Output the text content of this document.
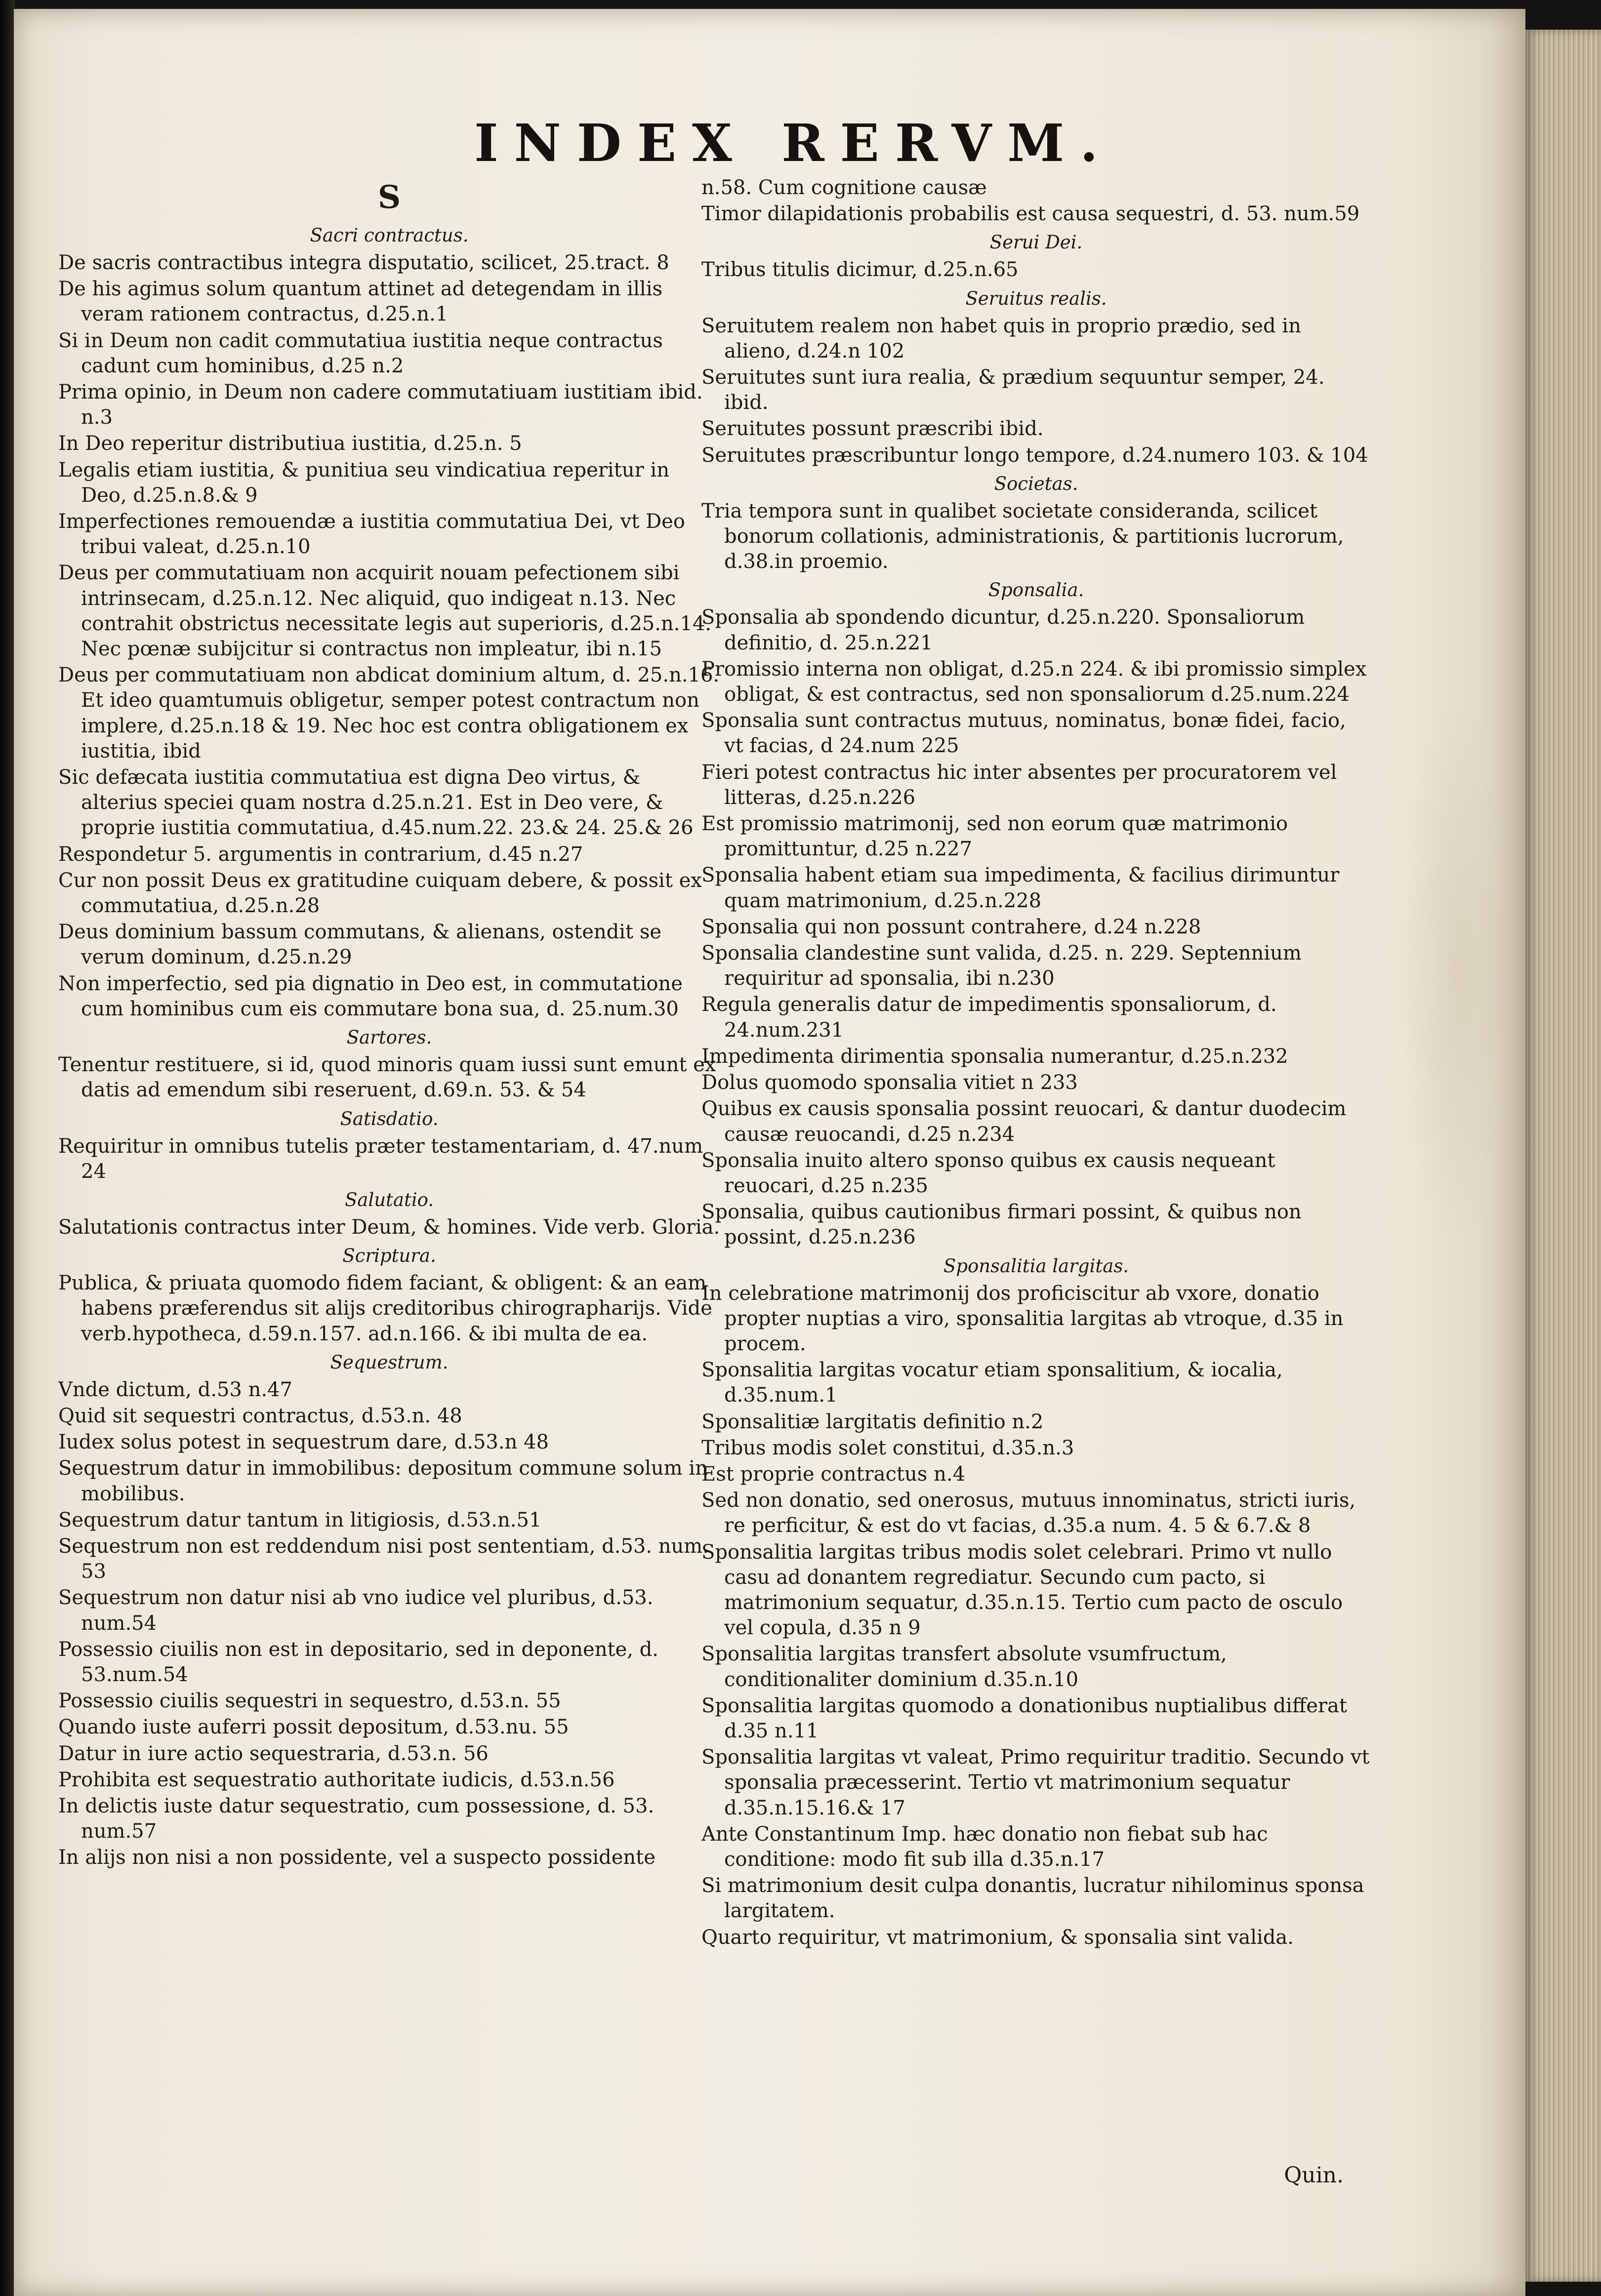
INDEX RERVM.
S
Sacri contractus.
De sacris contractibus integra disputatio, scilicet, 25.tract. 8
De his agimus solum quantum attinet ad detegendam in illis veram rationem contractus, d.25.n.1
Si in Deum non cadit commutatiua iustitia neque contractus cadunt cum hominibus, d.25 n.2
Prima opinio, in Deum non cadere commutatiuam iustitiam ibid. n.3
In Deo reperitur distributiua iustitia, d.25.n. 5
Legalis etiam iustitia, & punitiua seu vindicatiua reperitur in Deo, d.25.n.8.& 9
Imperfectiones remouendæ a iustitia commutatiua Dei, vt Deo tribui valeat, d.25.n.10
Deus per commutatiuam non acquirit nouam pefectionem sibi intrinsecam, d.25.n.12. Nec aliquid, quo indigeat n.13. Nec contrahit obstrictus necessitate legis aut superioris, d.25.n.14. Nec pœnæ subijcitur si contractus non impleatur, ibi n.15
Deus per commutatiuam non abdicat dominium altum, d. 25.n.16. Et ideo quamtumuis obligetur, semper potest contractum non implere, d.25.n.18 & 19. Nec hoc est contra obligationem ex iustitia, ibid
Sic defæcata iustitia commutatiua est digna Deo virtus, & alterius speciei quam nostra d.25.n.21. Est in Deo vere, & proprie iustitia commutatiua, d.45.num.22. 23.& 24. 25.& 26
Respondetur 5. argumentis in contrarium, d.45 n.27
Cur non possit Deus ex gratitudine cuiquam debere, & possit ex commutatiua, d.25.n.28
Deus dominium bassum commutans, & alienans, ostendit se verum dominum, d.25.n.29
Non imperfectio, sed pia dignatio in Deo est, in commutatione cum hominibus cum eis commutare bona sua, d. 25.num.30
Sartores.
Tenentur restituere, si id, quod minoris quam iussi sunt emunt ex datis ad emendum sibi reseruent, d.69.n. 53. & 54
Satisdatio.
Requiritur in omnibus tutelis præter testamentariam, d. 47.num 24
Salutatio.
Salutationis contractus inter Deum, & homines. Vide verb. Gloria.
Scriptura.
Publica, & priuata quomodo fidem faciant, & obligent: & an eam habens præferendus sit alijs creditoribus chirographarijs. Vide verb.hypotheca, d.59.n.157. ad.n.166. & ibi multa de ea.
Sequestrum.
Vnde dictum, d.53 n.47
Quid sit sequestri contractus, d.53.n. 48
Iudex solus potest in sequestrum dare, d.53.n 48
Sequestrum datur in immobilibus: depositum commune solum in mobilibus.
Sequestrum datur tantum in litigiosis, d.53.n.51
Sequestrum non est reddendum nisi post sententiam, d.53. num. 53
Sequestrum non datur nisi ab vno iudice vel pluribus, d.53. num.54
Possessio ciuilis non est in depositario, sed in deponente, d. 53.num.54
Possessio ciuilis sequestri in sequestro, d.53.n. 55
Quando iuste auferri possit depositum, d.53.nu. 55
Datur in iure actio sequestraria, d.53.n. 56
Prohibita est sequestratio authoritate iudicis, d.53.n.56
In delictis iuste datur sequestratio, cum possessione, d. 53. num.57
In alijs non nisi a non possidente, vel a suspecto possidente
n.58. Cum cognitione causæ
Timor dilapidationis probabilis est causa sequestri, d. 53. num.59
Serui Dei.
Tribus titulis dicimur, d.25.n.65
Seruitus realis.
Seruitutem realem non habet quis in proprio prædio, sed in alieno, d.24.n 102
Seruitutes sunt iura realia, & prædium sequuntur semper, 24. ibid.
Seruitutes possunt præscribi ibid.
Seruitutes præscribuntur longo tempore, d.24.numero 103. & 104
Societas.
Tria tempora sunt in qualibet societate consideranda, scilicet bonorum collationis, administrationis, & partitionis lucrorum, d.38.in proemio.
Sponsalia.
Sponsalia ab spondendo dicuntur, d.25.n.220. Sponsaliorum definitio, d. 25.n.221
Promissio interna non obligat, d.25.n 224. & ibi promissio simplex obligat, & est contractus, sed non sponsaliorum d.25.num.224
Sponsalia sunt contractus mutuus, nominatus, bonæ fidei, facio, vt facias, d 24.num 225
Fieri potest contractus hic inter absentes per procuratorem vel litteras, d.25.n.226
Est promissio matrimonij, sed non eorum quæ matrimonio promittuntur, d.25 n.227
Sponsalia habent etiam sua impedimenta, & facilius dirimuntur quam matrimonium, d.25.n.228
Sponsalia qui non possunt contrahere, d.24 n.228
Sponsalia clandestine sunt valida, d.25. n. 229. Septennium requiritur ad sponsalia, ibi n.230
Regula generalis datur de impedimentis sponsaliorum, d. 24.num.231
Impedimenta dirimentia sponsalia numerantur, d.25.n.232
Dolus quomodo sponsalia vitiet n 233
Quibus ex causis sponsalia possint reuocari, & dantur duodecim causæ reuocandi, d.25 n.234
Sponsalia inuito altero sponso quibus ex causis nequeant reuocari, d.25 n.235
Sponsalia, quibus cautionibus firmari possint, & quibus non possint, d.25.n.236
Sponsalitia largitas.
In celebratione matrimonij dos proficiscitur ab vxore, donatio propter nuptias a viro, sponsalitia largitas ab vtroque, d.35 in procem.
Sponsalitia largitas vocatur etiam sponsalitium, & iocalia, d.35.num.1
Sponsalitiæ largitatis definitio n.2
Tribus modis solet constitui, d.35.n.3
Est proprie contractus n.4
Sed non donatio, sed onerosus, mutuus innominatus, stricti iuris, re perficitur, & est do vt facias, d.35.a num. 4. 5 & 6.7.& 8
Sponsalitia largitas tribus modis solet celebrari. Primo vt nullo casu ad donantem regrediatur. Secundo cum pacto, si matrimonium sequatur, d.35.n.15. Tertio cum pacto de osculo vel copula, d.35 n 9
Sponsalitia largitas transfert absolute vsumfructum, conditionaliter dominium d.35.n.10
Sponsalitia largitas quomodo a donationibus nuptialibus differat d.35 n.11
Sponsalitia largitas vt valeat, Primo requiritur traditio. Secundo vt sponsalia præcesserint. Tertio vt matrimonium sequatur d.35.n.15.16.& 17
Ante Constantinum Imp. hæc donatio non fiebat sub hac conditione: modo fit sub illa d.35.n.17
Si matrimonium desit culpa donantis, lucratur nihilominus sponsa largitatem.
Quarto requiritur, vt matrimonium, & sponsalia sint valida.
Quin.
